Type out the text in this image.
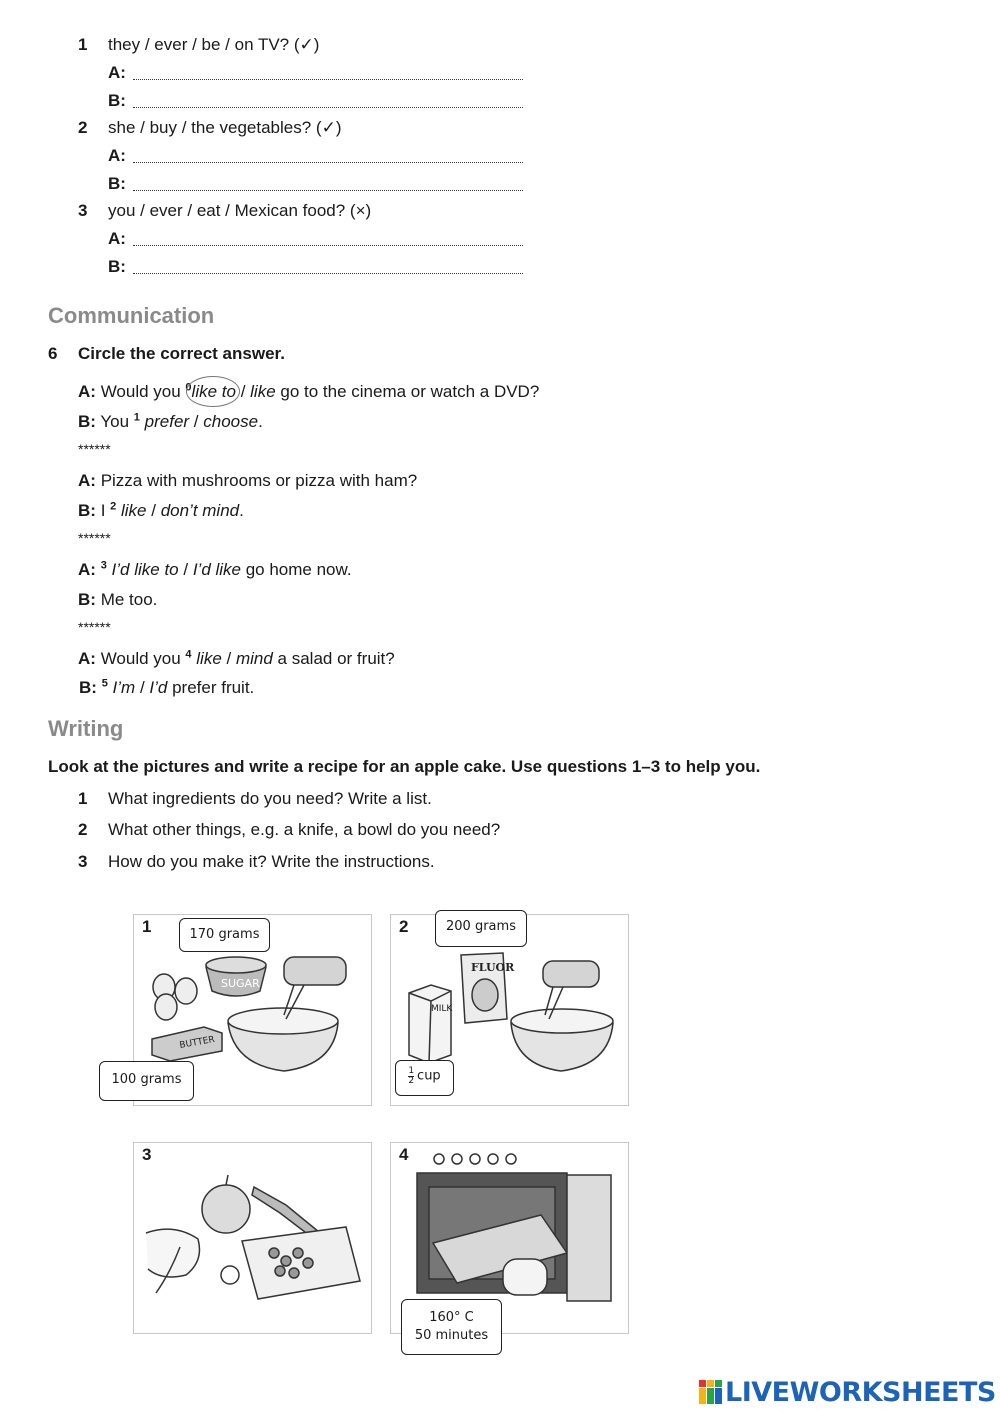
1 they / ever / be / on TV? (✓)
A:
B:
2 she / buy / the vegetables? (✓)
A:
B:
3 you / ever / eat / Mexican food? (×)
A:
B:
Communication
6 Circle the correct answer.
A: Would you $^0$like to / like go to the cinema or watch a DVD?
B: You $^1$ prefer / choose.
******
A: Pizza with mushrooms or pizza with ham?
B: I $^2$ like / don’t mind.
******
A: $^3$ I’d like to / I’d like go home now.
B: Me too.
******
A: Would you $^4$ like / mind a salad or fruit?
B: $^5$ I’m / I’d prefer fruit.
Writing
Look at the pictures and write a recipe for an apple cake. Use questions 1–3 to help you.
1 What ingredients do you need? Write a list.
2 What other things, e.g. a knife, a bowl do you need?
3 How do you make it? Write the instructions.
1
SUGAR
BUTTER
170 grams
100 grams
2
FLUOR
MILK
200 grams
$\frac{1}{2}$ cup
3	4
160° C
50 minutes
LIVEWORKSHEETS
